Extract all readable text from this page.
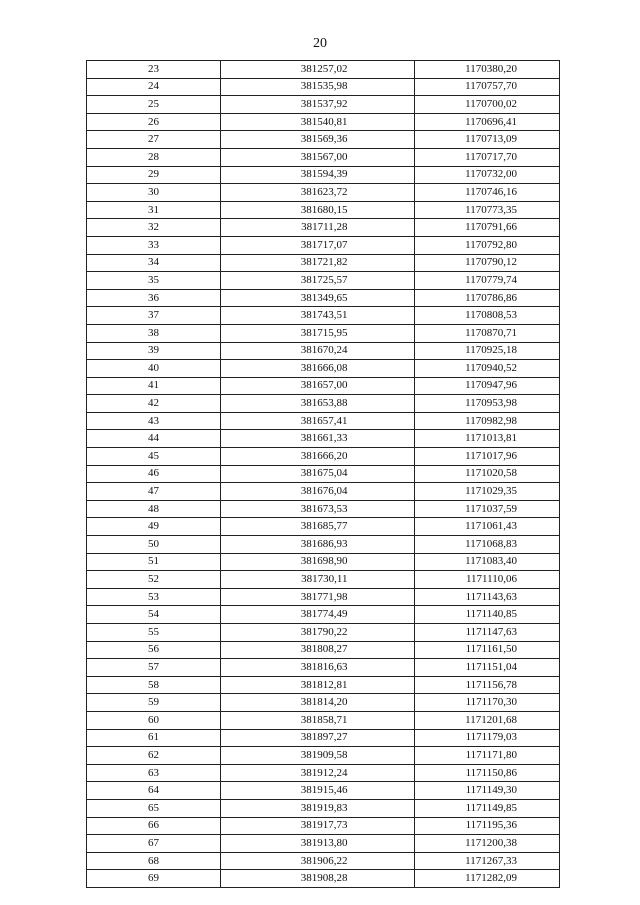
20
23	381257,02	1170380,20
24	381535,98	1170757,70
25	381537,92	1170700,02
26	381540,81	1170696,41
27	381569,36	1170713,09
28	381567,00	1170717,70
29	381594,39	1170732,00
30	381623,72	1170746,16
31	381680,15	1170773,35
32	381711,28	1170791,66
33	381717,07	1170792,80
34	381721,82	1170790,12
35	381725,57	1170779,74
36	381349,65	1170786,86
37	381743,51	1170808,53
38	381715,95	1170870,71
39	381670,24	1170925,18
40	381666,08	1170940,52
41	381657,00	1170947,96
42	381653,88	1170953,98
43	381657,41	1170982,98
44	381661,33	1171013,81
45	381666,20	1171017,96
46	381675,04	1171020,58
47	381676,04	1171029,35
48	381673,53	1171037,59
49	381685,77	1171061,43
50	381686,93	1171068,83
51	381698,90	1171083,40
52	381730,11	1171110,06
53	381771,98	1171143,63
54	381774,49	1171140,85
55	381790,22	1171147,63
56	381808,27	1171161,50
57	381816,63	1171151,04
58	381812,81	1171156,78
59	381814,20	1171170,30
60	381858,71	1171201,68
61	381897,27	1171179,03
62	381909,58	1171171,80
63	381912,24	1171150,86
64	381915,46	1171149,30
65	381919,83	1171149,85
66	381917,73	1171195,36
67	381913,80	1171200,38
68	381906,22	1171267,33
69	381908,28	1171282,09
